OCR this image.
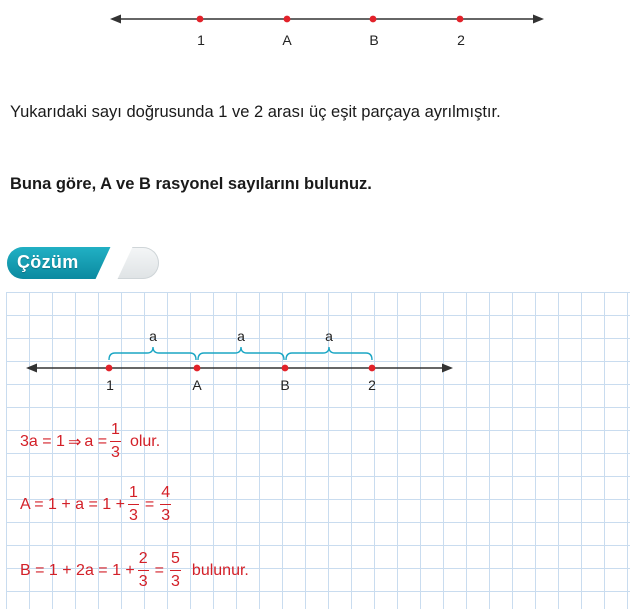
1	A	B	2
Yukarıdaki sayı doğrusunda 1 ve 2 arası üç eşit parçaya ayrılmıştır.
Buna göre, A ve B rasyonel sayılarını bulunuz.
Çözüm
a	a	a
1	A	B	2
3a = 1 ⇒ $a = \frac{1}{3}$ olur.
$A = 1 + a = 1 + \frac{1}{3} = \frac{4}{3}$
$B = 1 + 2a = 1 + \frac{2}{3} = \frac{5}{3}$ bulunur.
